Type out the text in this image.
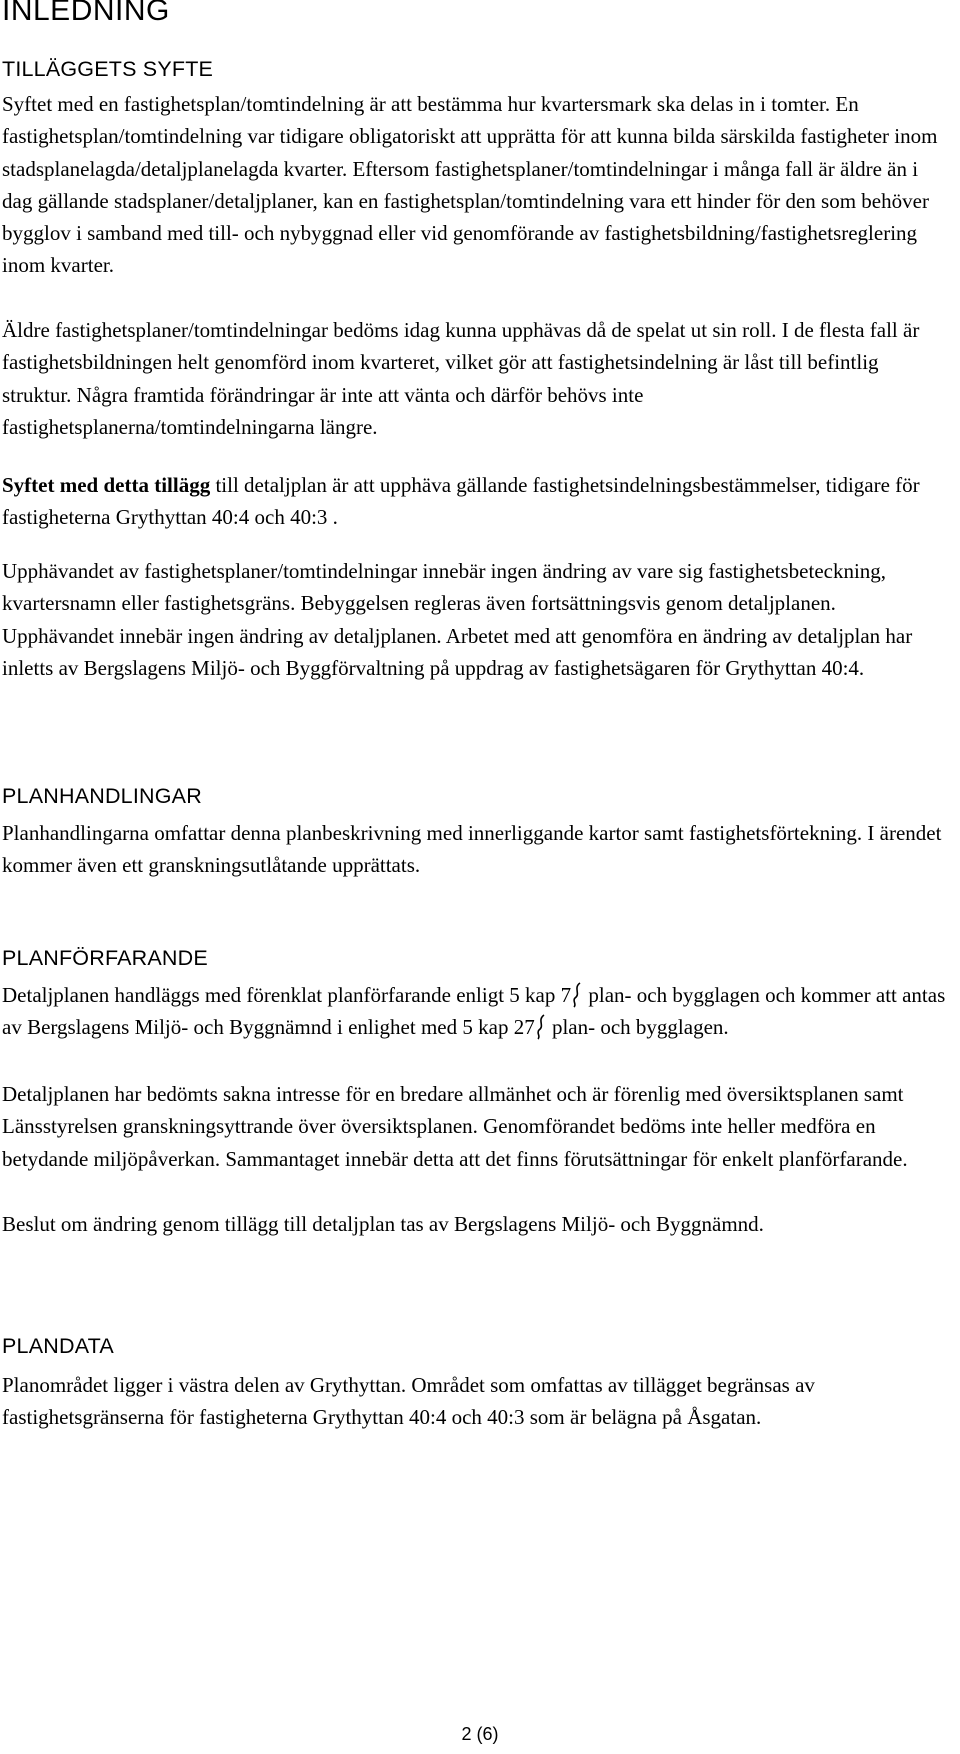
INLEDNING
TILLÄGGETS SYFTE

Syftet med en fastighetsplan/tomtindelning är att bestämma hur kvartersmark ska delas in i tomter. En fastighetsplan/tomtindelning var tidigare obligatoriskt att upprätta för att kunna bilda särskilda fastigheter inom stadsplanelagda/detaljplanelagda kvarter. Eftersom fastighetsplaner/tomtindelningar i många fall är äldre än i dag gällande stadsplaner/detaljplaner, kan en fastighetsplan/tomtindelning vara ett hinder för den som behöver bygglov i samband med till- och nybyggnad eller vid genomförande av fastighetsbildning/fastighetsreglering inom kvarter.

Äldre fastighetsplaner/tomtindelningar bedöms idag kunna upphävas då de spelat ut sin roll. I de flesta fall är fastighetsbildningen helt genomförd inom kvarteret, vilket gör att fastighetsindelning är låst till befintlig struktur. Några framtida förändringar är inte att vänta och därför behövs inte fastighetsplanerna/tomtindelningarna längre.

Syftet med detta tillägg till detaljplan är att upphäva gällande fastighetsindelningsbestämmelser, tidigare för fastigheterna Grythyttan 40:4 och 40:3 .

Upphävandet av fastighetsplaner/tomtindelningar innebär ingen ändring av vare sig fastighetsbeteckning, kvartersnamn eller fastighetsgräns. Bebyggelsen regleras även fortsättningsvis genom detaljplanen. Upphävandet innebär ingen ändring av detaljplanen. Arbetet med att genomföra en ändring av detaljplan har inletts av Bergslagens Miljö- och Byggförvaltning på uppdrag av fastighetsägaren för Grythyttan 40:4.

PLANHANDLINGAR

Planhandlingarna omfattar denna planbeskrivning med innerliggande kartor samt fastighetsförtekning. I ärendet kommer även ett granskningsutlåtande upprättats.

PLANFÖRFARANDE

Detaljplanen handläggs med förenklat planförfarande enligt 5 kap 7 plan- och bygglagen och kommer att antas av Bergslagens Miljö- och Byggnämnd i enlighet med 5 kap 27 plan- och bygglagen.

Detaljplanen har bedömts sakna intresse för en bredare allmänhet och är förenlig med översiktsplanen samt Länsstyrelsen granskningsyttrande över översiktsplanen. Genomförandet bedöms inte heller medföra en betydande miljöpåverkan. Sammantaget innebär detta att det finns förutsättningar för enkelt planförfarande.

Beslut om ändring genom tillägg till detaljplan tas av Bergslagens Miljö- och Byggnämnd.

PLANDATA

Planområdet ligger i västra delen av Grythyttan. Området som omfattas av tillägget begränsas av fastighetsgränserna för fastigheterna Grythyttan 40:4 och 40:3 som är belägna på Åsgatan.

2 (6)
